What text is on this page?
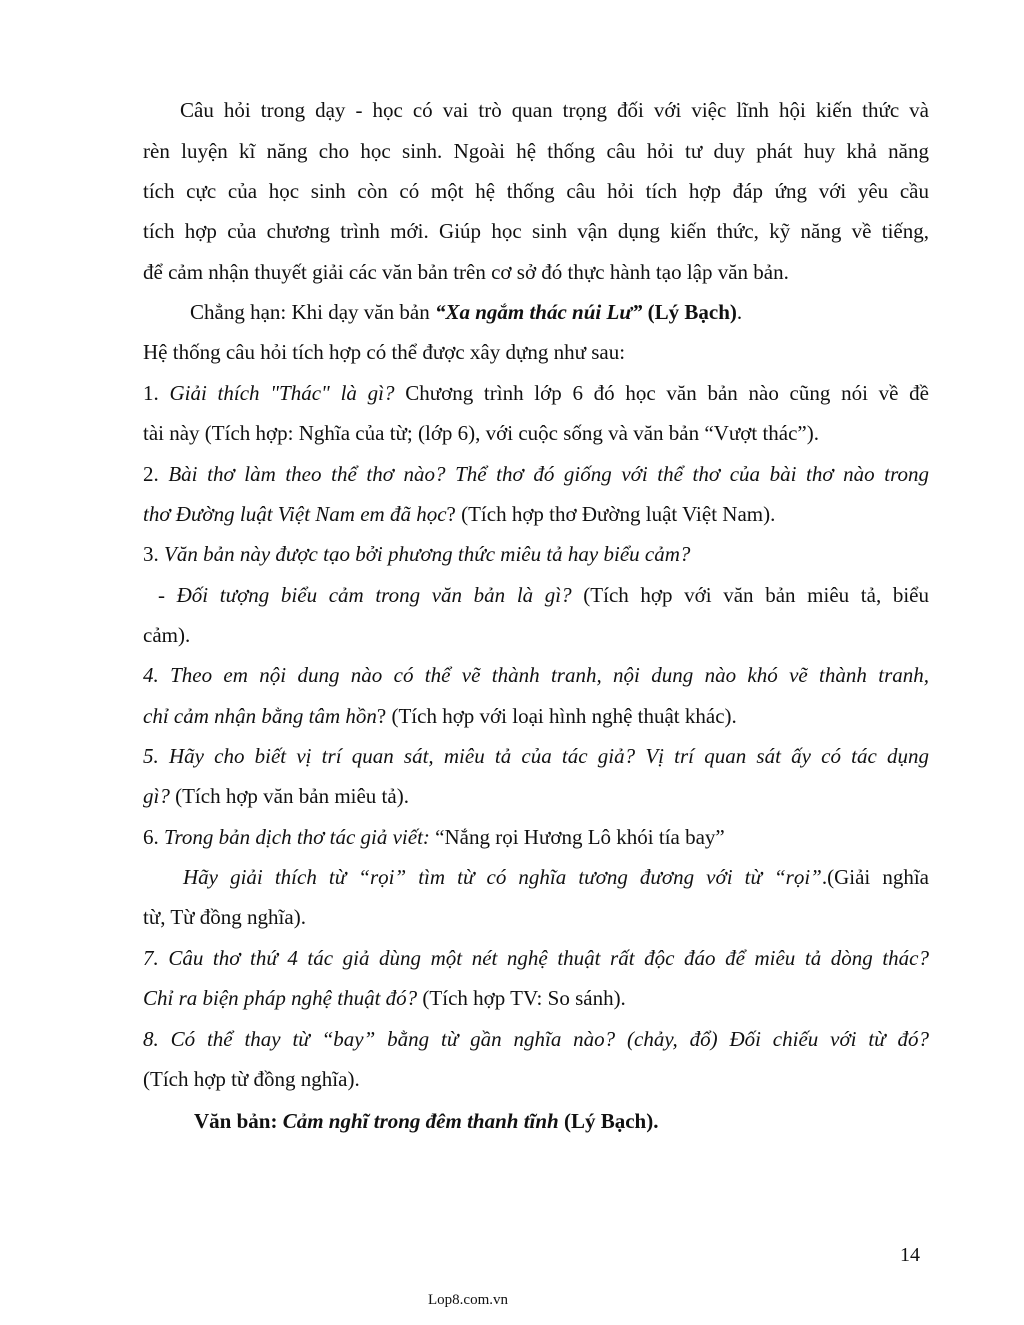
Câu hỏi trong dạy - học có vai trò quan trọng đối với việc lĩnh hội kiến thức và
rèn luyện kĩ năng cho học sinh. Ngoài hệ thống câu hỏi tư duy phát huy khả năng
tích cực của học sinh còn có một hệ thống câu hỏi tích hợp đáp ứng với yêu cầu
tích hợp của chương trình mới. Giúp học sinh vận dụng kiến thức, kỹ năng về tiếng,
để cảm nhận thuyết giải các văn bản trên cơ sở đó thực hành tạo lập văn bản.
Chẳng hạn: Khi dạy văn bản “Xa ngắm thác núi Lư” (Lý Bạch).
Hệ thống câu hỏi tích hợp có thể được xây dựng như sau:
1. Giải thích "Thác" là gì? Chương trình lớp 6 đó học văn bản nào cũng nói về đề
tài này (Tích hợp: Nghĩa của từ; (lớp 6), với cuộc sống và văn bản “Vượt thác”).
2. Bài thơ làm theo thể thơ nào? Thể thơ đó giống với thể thơ của bài thơ nào trong
thơ Đường luật Việt Nam em đã học? (Tích hợp thơ Đường luật Việt Nam).
3. Văn bản này được tạo bởi phương thức miêu tả hay biểu cảm?
- Đối tượng biểu cảm trong văn bản là gì? (Tích hợp với văn bản miêu tả, biểu
cảm).
4. Theo em nội dung nào có thể vẽ thành tranh, nội dung nào khó vẽ thành tranh,
chỉ cảm nhận bằng tâm hồn? (Tích hợp với loại hình nghệ thuật khác).
5. Hãy cho biết vị trí quan sát, miêu tả của tác giả? Vị trí quan sát ấy có tác dụng
gì? (Tích hợp văn bản miêu tả).
6. Trong bản dịch thơ tác giả viết: “Nắng rọi Hương Lô khói tía bay”
Hãy giải thích từ “rọi” tìm từ có nghĩa tương đương với từ “rọi”.(Giải nghĩa
từ, Từ đồng nghĩa).
7. Câu thơ thứ 4 tác giả dùng một nét nghệ thuật rất độc đáo để miêu tả dòng thác?
Chỉ ra biện pháp nghệ thuật đó? (Tích hợp TV: So sánh).
8. Có thể thay từ “bay” bằng từ gần nghĩa nào? (chảy, đổ) Đối chiếu với từ đó?
(Tích hợp từ đồng nghĩa).
Văn bản: Cảm nghĩ trong đêm thanh tĩnh (Lý Bạch).
14
Lop8.com.vn
